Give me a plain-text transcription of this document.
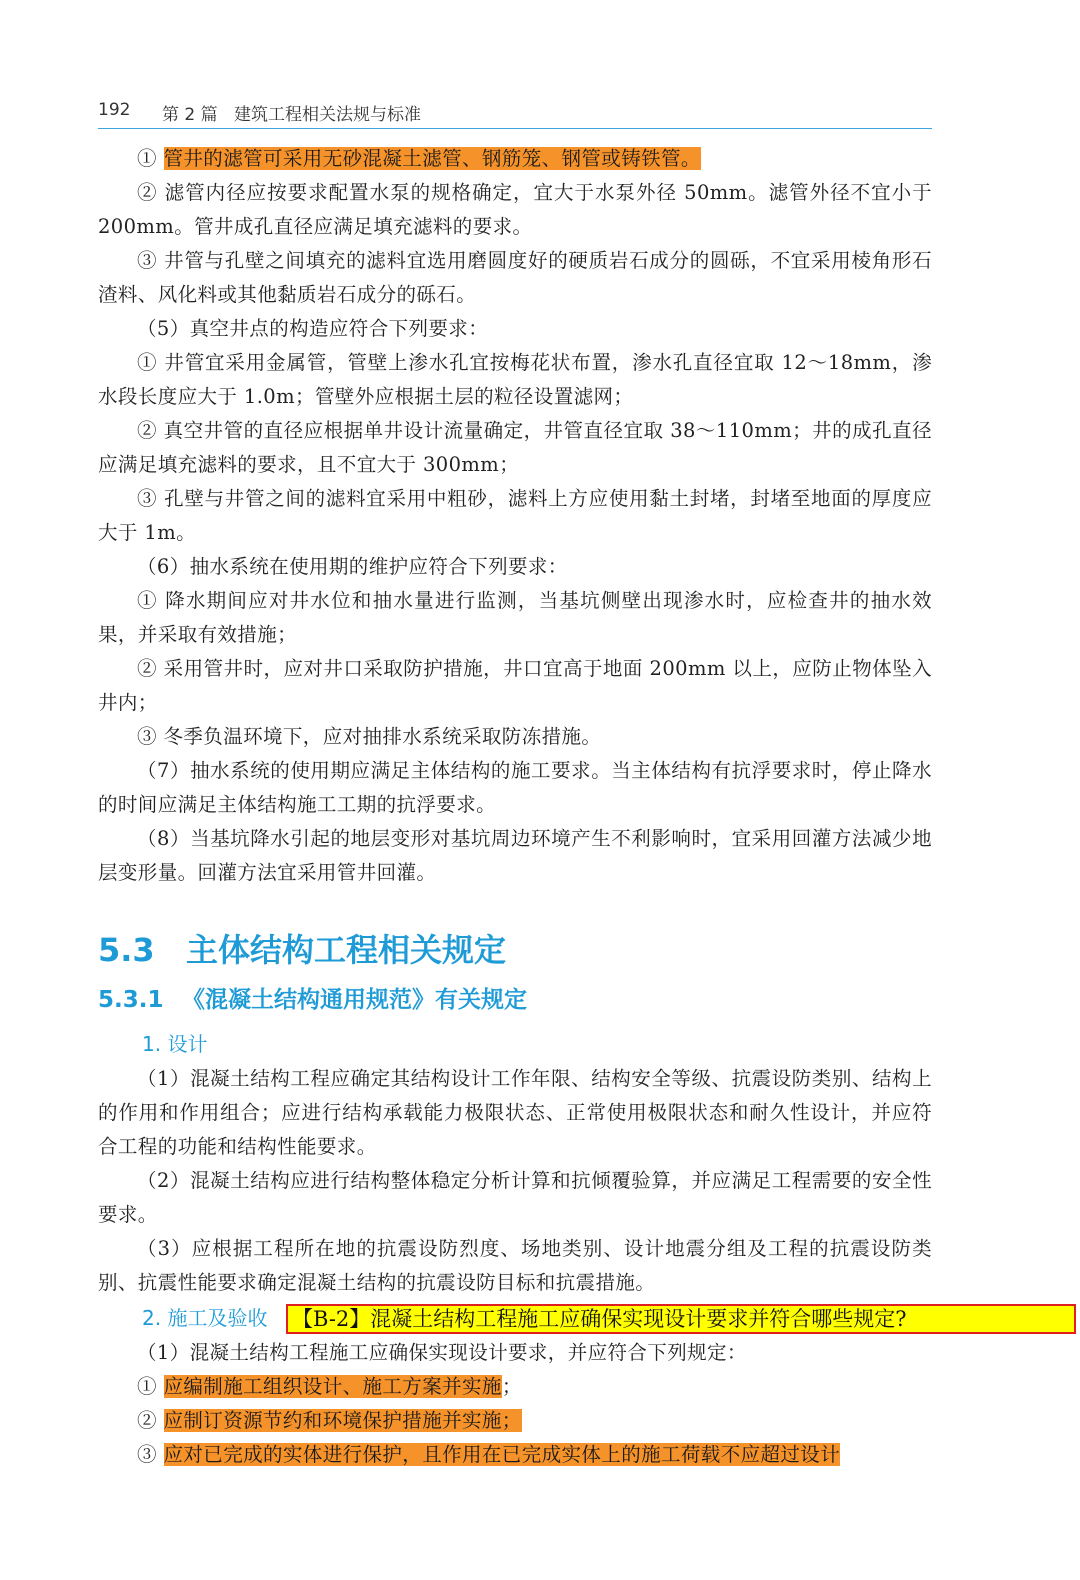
192 第 2 篇 建筑工程相关法规与标准

① 管井的滤管可采用无砂混凝土滤管、钢筋笼、钢管或铸铁管。

② 滤管内径应按要求配置水泵的规格确定，宜大于水泵外径 50mm。滤管外径不宜小于 200mm。管井成孔直径应满足填充滤料的要求。

③ 井管与孔壁之间填充的滤料宜选用磨圆度好的硬质岩石成分的圆砾，不宜采用棱角形石渣料、风化料或其他黏质岩石成分的砾石。

（5）真空井点的构造应符合下列要求：

① 井管宜采用金属管，管壁上渗水孔宜按梅花状布置，渗水孔直径宜取 12～18mm，渗水段长度应大于 1.0m；管壁外应根据土层的粒径设置滤网；

② 真空井管的直径应根据单井设计流量确定，井管直径宜取 38～110mm；井的成孔直径应满足填充滤料的要求，且不宜大于 300mm；

③ 孔壁与井管之间的滤料宜采用中粗砂，滤料上方应使用黏土封堵，封堵至地面的厚度应大于 1m。

（6）抽水系统在使用期的维护应符合下列要求：

① 降水期间应对井水位和抽水量进行监测，当基坑侧壁出现渗水时，应检查井的抽水效果，并采取有效措施；

② 采用管井时，应对井口采取防护措施，井口宜高于地面 200mm 以上，应防止物体坠入井内；

③ 冬季负温环境下，应对抽排水系统采取防冻措施。

（7）抽水系统的使用期应满足主体结构的施工要求。当主体结构有抗浮要求时，停止降水的时间应满足主体结构施工工期的抗浮要求。

（8）当基坑降水引起的地层变形对基坑周边环境产生不利影响时，宜采用回灌方法减少地层变形量。回灌方法宜采用管井回灌。

5.3 主体结构工程相关规定
5.3.1 《混凝土结构通用规范》有关规定
1. 设计

（1）混凝土结构工程应确定其结构设计工作年限、结构安全等级、抗震设防类别、结构上的作用和作用组合；应进行结构承载能力极限状态、正常使用极限状态和耐久性设计，并应符合工程的功能和结构性能要求。

（2）混凝土结构应进行结构整体稳定分析计算和抗倾覆验算，并应满足工程需要的安全性要求。

（3）应根据工程所在地的抗震设防烈度、场地类别、设计地震分组及工程的抗震设防类别、抗震性能要求确定混凝土结构的抗震设防目标和抗震措施。

2. 施工及验收	【B-2】混凝土结构工程施工应确保实现设计要求并符合哪些规定?

（1）混凝土结构工程施工应确保实现设计要求，并应符合下列规定：

① 应编制施工组织设计、施工方案并实施；

② 应制订资源节约和环境保护措施并实施；

③ 应对已完成的实体进行保护，且作用在已完成实体上的施工荷载不应超过设计
